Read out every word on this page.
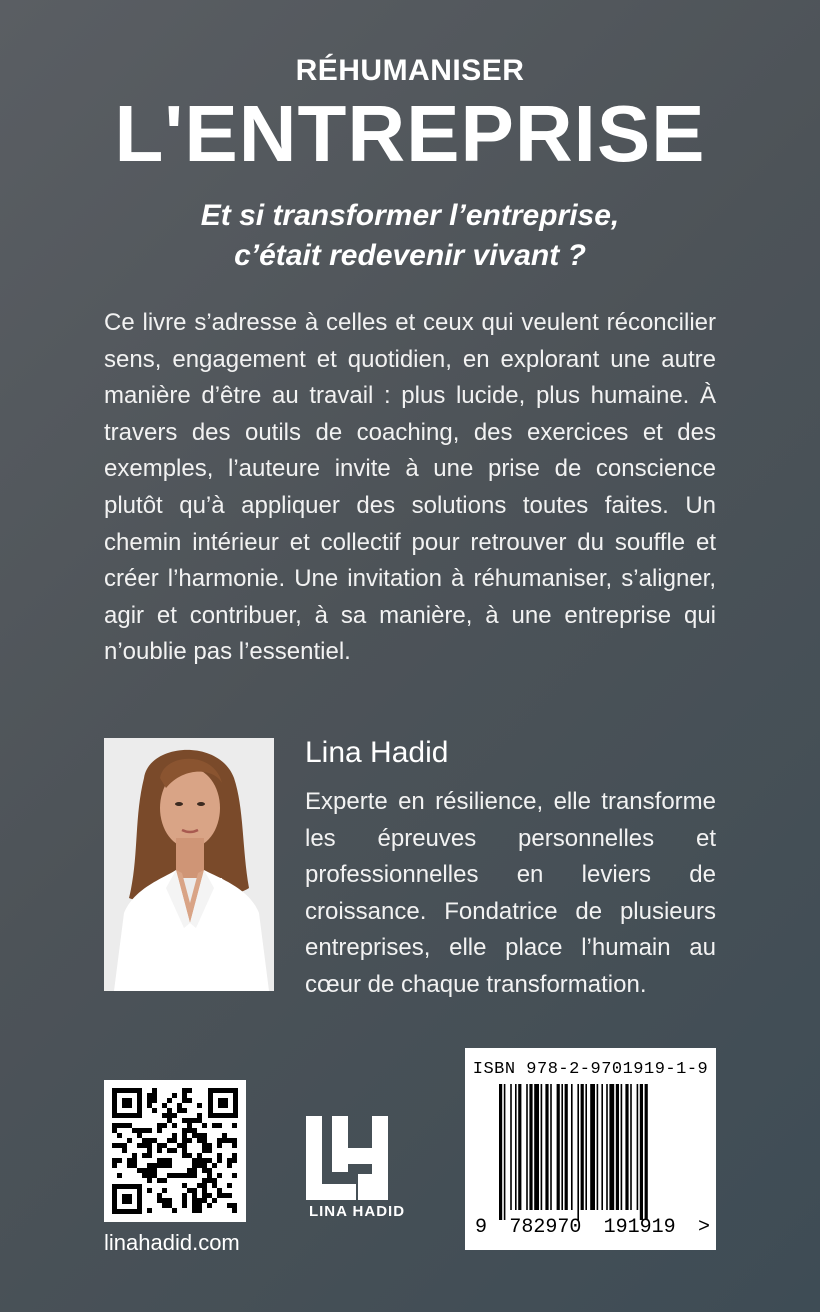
RÉHUMANISER
L'ENTREPRISE
Et si transformer l’entreprise,
c’était redevenir vivant ?
Ce livre s’adresse à celles et ceux qui veulent réconcilier sens, engagement et quotidien, en explorant une autre manière d’être au travail : plus lucide, plus humaine. À travers des outils de coaching, des exercices et des exemples, l’auteure invite à une prise de conscience plutôt qu’à appliquer des solutions toutes faites. Un chemin intérieur et collectif pour retrouver du souffle et créer l’harmonie. Une invitation à réhumaniser, s’aligner, agir et contribuer, à sa manière, à une entreprise qui n’oublie pas l’essentiel.
Lina Hadid
Experte en résilience, elle transforme les épreuves personnelles et professionnelles en leviers de croissance. Fondatrice de plusieurs entreprises, elle place l’humain au cœur de chaque transformation.
linahadid.com
LINA HADID
ISBN 978-2-9701919-1-9
9 782970 191919 >
